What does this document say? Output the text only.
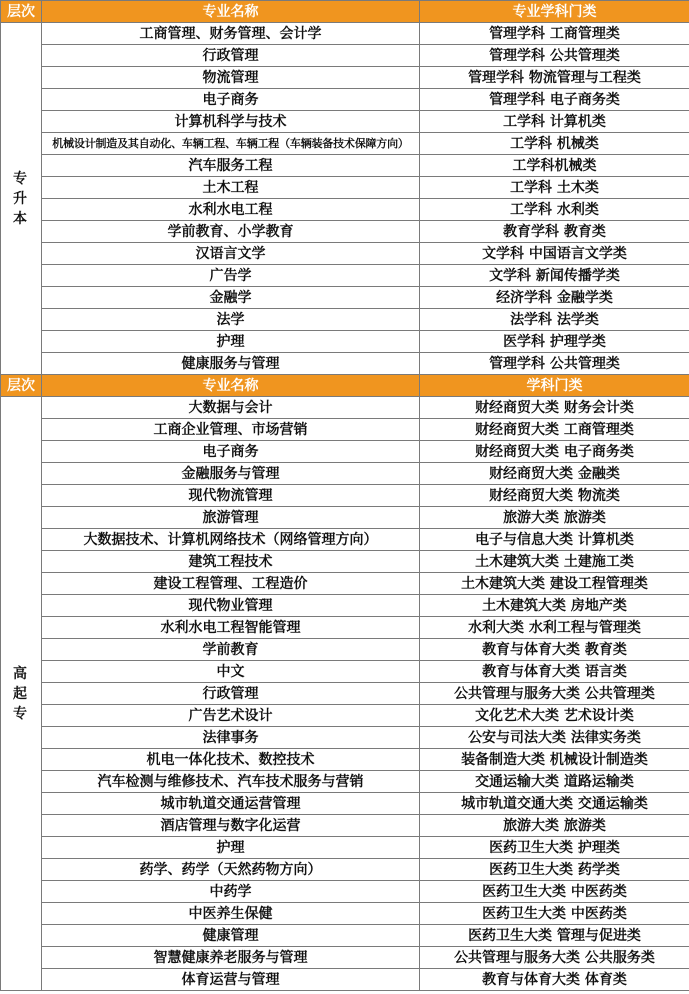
层次	专业名称	专业学科门类

专
升
本	工商管理、财务管理、会计学	管理学科 工商管理类
	行政管理	管理学科 公共管理类
	物流管理	管理学科 物流管理与工程类
	电子商务	管理学科 电子商务类
	计算机科学与技术	工学科 计算机类
	机械设计制造及其自动化、车辆工程、车辆工程（车辆装备技术保障方向）	工学科 机械类
	汽车服务工程	工学科机械类
	土木工程	工学科 土木类
	水利水电工程	工学科 水利类
	学前教育、小学教育	教育学科 教育类
	汉语言文学	文学科 中国语言文学类
	广告学	文学科 新闻传播学类
	金融学	经济学科 金融学类
	法学	法学科 法学类
	护理	医学科 护理学类
	健康服务与管理	管理学科 公共管理类
层次	专业名称	学科门类

高
起
专	大数据与会计	财经商贸大类 财务会计类
	工商企业管理、市场营销	财经商贸大类 工商管理类
	电子商务	财经商贸大类 电子商务类
	金融服务与管理	财经商贸大类 金融类
	现代物流管理	财经商贸大类 物流类
	旅游管理	旅游大类 旅游类
	大数据技术、计算机网络技术（网络管理方向）	电子与信息大类 计算机类
	建筑工程技术	土木建筑大类 土建施工类
	建设工程管理、工程造价	土木建筑大类 建设工程管理类
	现代物业管理	土木建筑大类 房地产类
	水利水电工程智能管理	水利大类 水利工程与管理类
	学前教育	教育与体育大类 教育类
	中文	教育与体育大类 语言类
	行政管理	公共管理与服务大类 公共管理类
	广告艺术设计	文化艺术大类 艺术设计类
	法律事务	公安与司法大类 法律实务类
	机电一体化技术、数控技术	装备制造大类 机械设计制造类
	汽车检测与维修技术、汽车技术服务与营销	交通运输大类 道路运输类
	城市轨道交通运营管理	城市轨道交通大类 交通运输类
	酒店管理与数字化运营	旅游大类 旅游类
	护理	医药卫生大类 护理类
	药学、药学（天然药物方向）	医药卫生大类 药学类
	中药学	医药卫生大类 中医药类
	中医养生保健	医药卫生大类 中医药类
	健康管理	医药卫生大类 管理与促进类
	智慧健康养老服务与管理	公共管理与服务大类 公共服务类
	体育运营与管理	教育与体育大类 体育类
